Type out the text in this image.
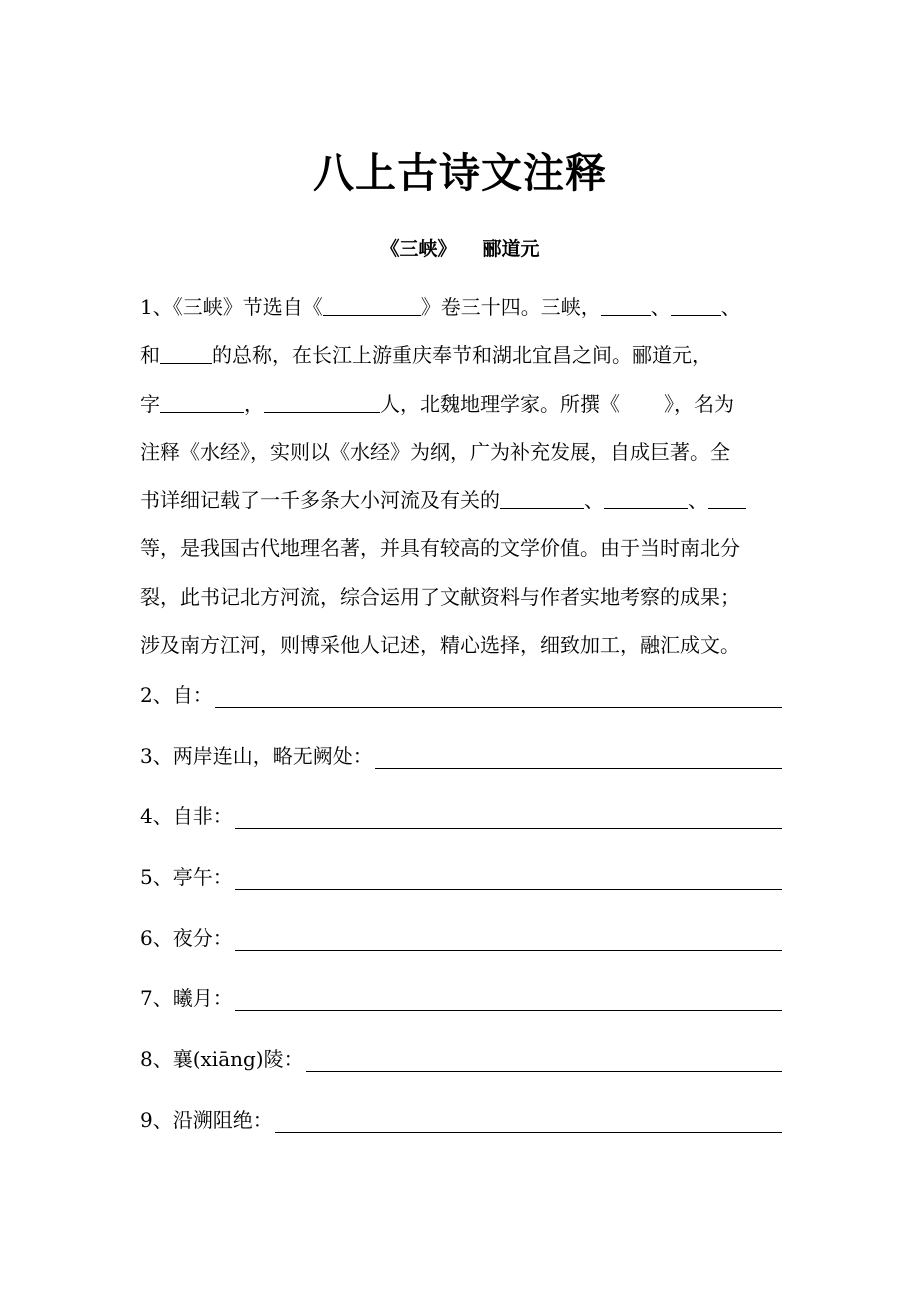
八上古诗文注释
《三峡》 郦道元
1、《三峡》节选自《	》卷三十四。三峡，	、	、
和	的总称，在长江上游重庆奉节和湖北宜昌之间。郦道元，
字	，	人，北魏地理学家。所撰《 》，名为
注释《水经》，实则以《水经》为纲，广为补充发展，自成巨著。全
书详细记载了一千多条大小河流及有关的	、	、
等，是我国古代地理名著，并具有较高的文学价值。由于当时南北分
裂，此书记北方河流，综合运用了文献资料与作者实地考察的成果；
涉及南方江河，则博采他人记述，精心选择，细致加工，融汇成文。
2、自：
3、两岸连山，略无阙处：
4、自非：
5、亭午：
6、夜分：
7、曦月：
8、襄(xiāng)陵：
9、沿溯阻绝：
